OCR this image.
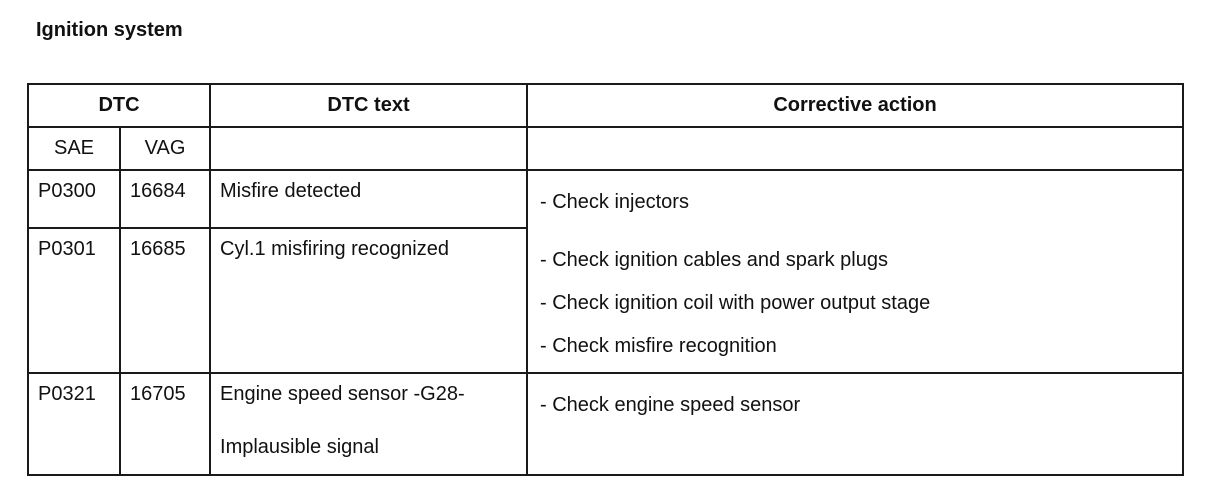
Ignition system
DTC		DTC text	Corrective action
SAE	VAG		
P0300	16684	Misfire detected	- Check injectors
- Check ignition cables and spark plugs
- Check ignition coil with power output stage
- Check misfire recognition

P0301	16685	Cyl.1 misfiring recognized	

P0321	16705	Engine speed sensor -G28-
Implausible signal	- Check engine speed sensor
